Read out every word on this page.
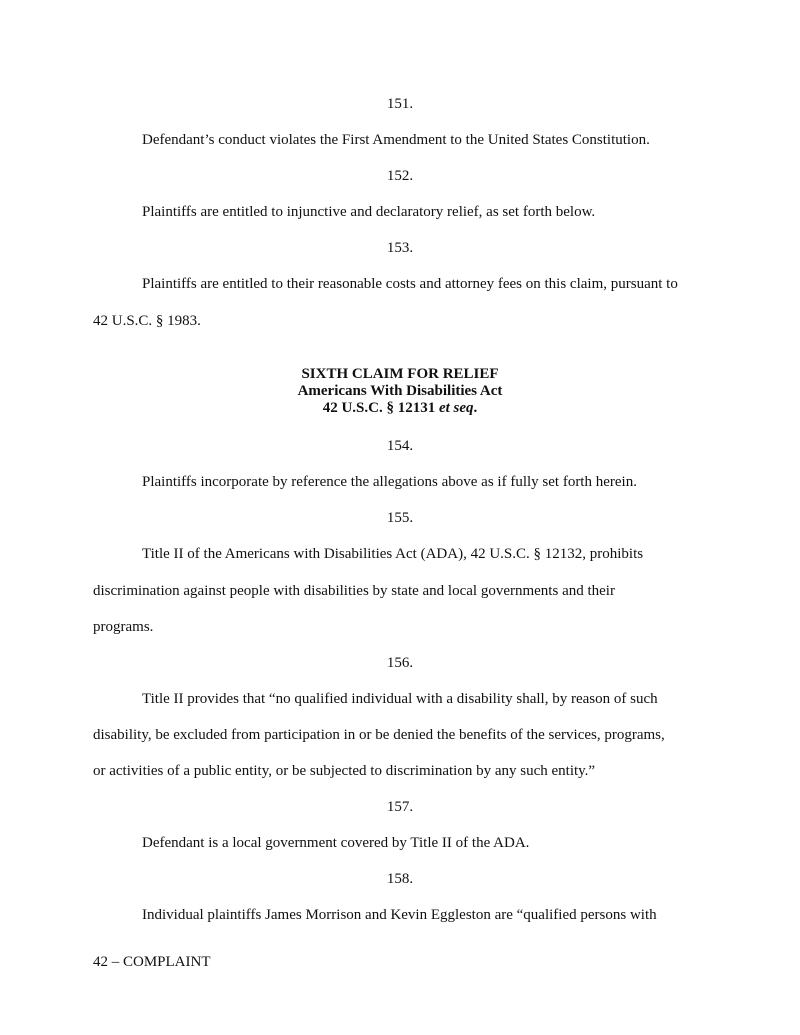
151.
Defendant’s conduct violates the First Amendment to the United States Constitution.
152.
Plaintiffs are entitled to injunctive and declaratory relief, as set forth below.
153.
Plaintiffs are entitled to their reasonable costs and attorney fees on this claim, pursuant to
42 U.S.C. § 1983.
SIXTH CLAIM FOR RELIEF
Americans With Disabilities Act
42 U.S.C. § 12131 et seq.
154.
Plaintiffs incorporate by reference the allegations above as if fully set forth herein.
155.
Title II of the Americans with Disabilities Act (ADA), 42 U.S.C. § 12132, prohibits
discrimination against people with disabilities by state and local governments and their
programs.
156.
Title II provides that “no qualified individual with a disability shall, by reason of such
disability, be excluded from participation in or be denied the benefits of the services, programs,
or activities of a public entity, or be subjected to discrimination by any such entity.”
157.
Defendant is a local government covered by Title II of the ADA.
158.
Individual plaintiffs James Morrison and Kevin Eggleston are “qualified persons with
42 – COMPLAINT
